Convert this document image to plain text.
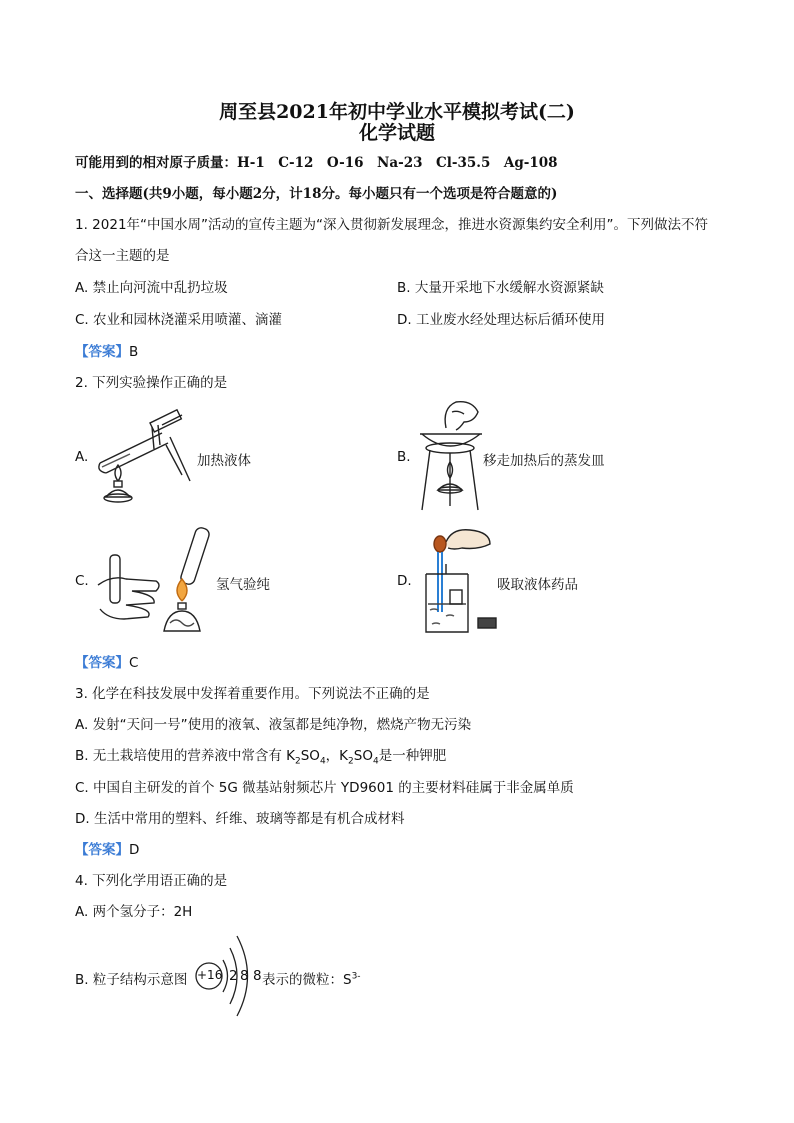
周至县2021年初中学业水平模拟考试(二)
化学试题
可能用到的相对原子质量：H-1　C-12　O-16　Na-23　Cl-35.5　Ag-108
一、选择题(共9小题，每小题2分，计18分。每小题只有一个选项是符合题意的)
1. 2021年“中国水周”活动的宣传主题为“深入贯彻新发展理念，推进水资源集约安全利用”。下列做法不符
合这一主题的是
A. 禁止向河流中乱扔垃圾	B. 大量开采地下水缓解水资源紧缺
C. 农业和园林浇灌采用喷灌、滴灌	D. 工业废水经处理达标后循环使用
【答案】B
2. 下列实验操作正确的是
A.	加热液体	B.	移走加热后的蒸发皿
C.	氢气验纯	D.	吸取液体药品
【答案】C
3. 化学在科技发展中发挥着重要作用。下列说法不正确的是
A. 发射“天问一号”使用的液氧、液氢都是纯净物，燃烧产物无污染
B. 无土栽培使用的营养液中常含有 $K_2SO_4$，$K_2SO_4$是一种钾肥
C. 中国自主研发的首个 5G 微基站射频芯片 YD9601 的主要材料硅属于非金属单质
D. 生活中常用的塑料、纤维、玻璃等都是有机合成材料
【答案】D
4. 下列化学用语正确的是
A. 两个氢分子：2H
B. 粒子结构示意图 +16 2 8 8 表示的微粒：$S^{3-}$
